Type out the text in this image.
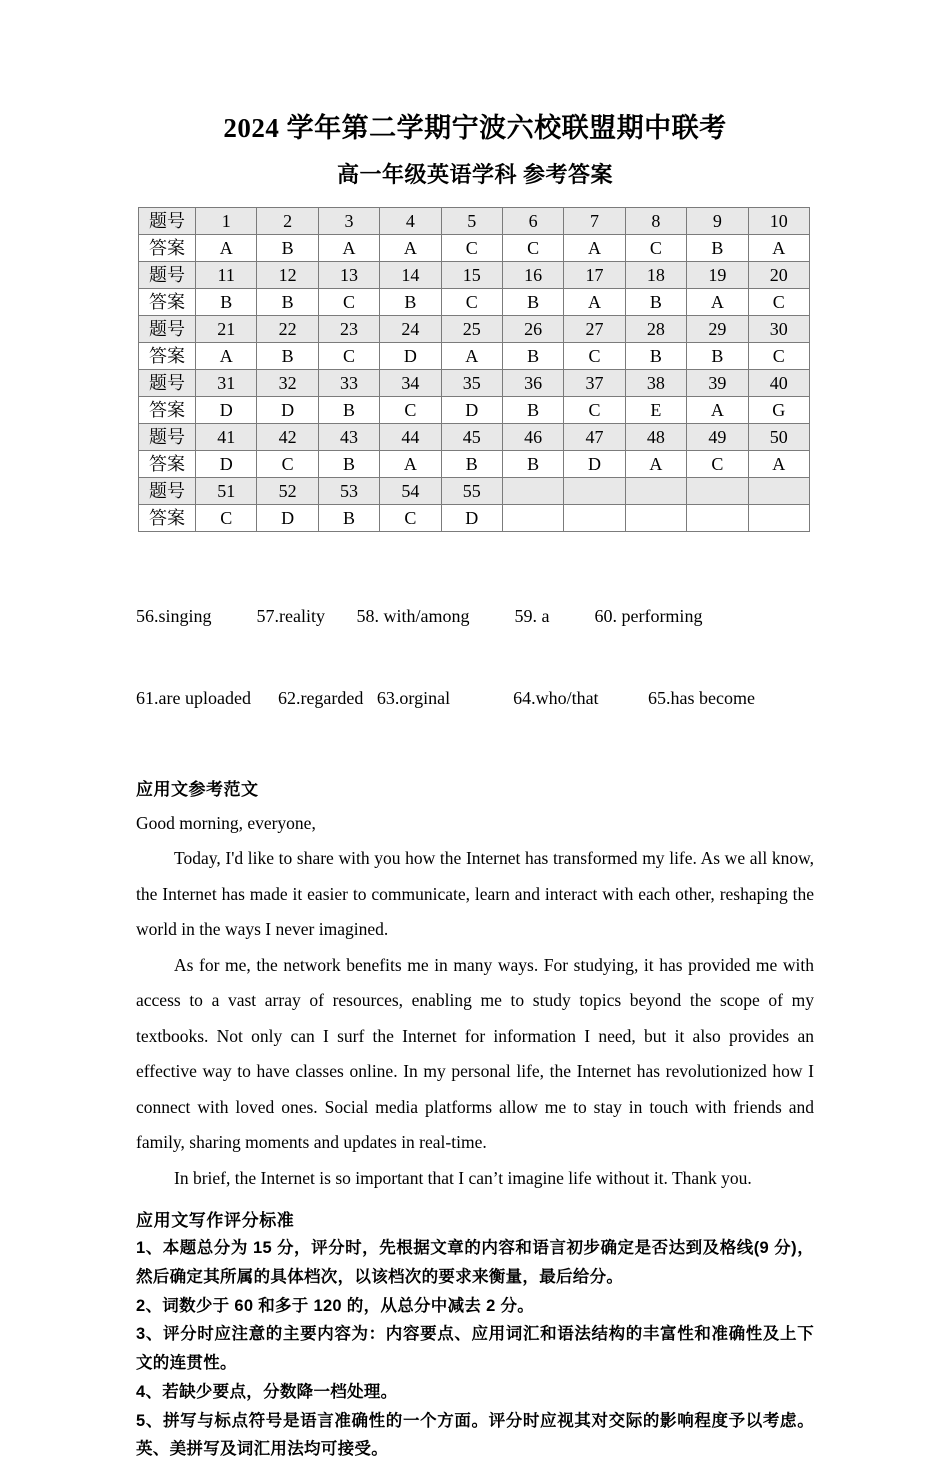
2024 学年第二学期宁波六校联盟期中联考
高一年级英语学科 参考答案
题号	1	2	3	4	5	6	7	8	9	10
答案	A	B	A	A	C	C	A	C	B	A
题号	11	12	13	14	15	16	17	18	19	20
答案	B	B	C	B	C	B	A	B	A	C
题号	21	22	23	24	25	26	27	28	29	30
答案	A	B	C	D	A	B	C	B	B	C
题号	31	32	33	34	35	36	37	38	39	40
答案	D	D	B	C	D	B	C	E	A	G
题号	41	42	43	44	45	46	47	48	49	50
答案	D	C	B	A	B	B	D	A	C	A
题号	51	52	53	54	55					
答案	C	D	B	C	D					

56.singing          57.reality       58. with/among          59. a          60. performing

61.are uploaded      62.regarded   63.orginal              64.who/that           65.has become

应用文参考范文

Good morning, everyone,

Today, I'd like to share with you how the Internet has transformed my life. As we all know, the Internet has made it easier to communicate, learn and interact with each other, reshaping the world in the ways I never imagined.

As for me, the network benefits me in many ways. For studying, it has provided me with access to a vast array of resources, enabling me to study topics beyond the scope of my textbooks. Not only can I surf the Internet for information I need, but it also provides an effective way to have classes online. In my personal life, the Internet has revolutionized how I connect with loved ones. Social media platforms allow me to stay in touch with friends and family, sharing moments and updates in real-time.

In brief, the Internet is so important that I can’t imagine life without it. Thank you.

应用文写作评分标准

1、本题总分为 15 分，评分时，先根据文章的内容和语言初步确定是否达到及格线(9 分)，然后确定其所属的具体档次，以该档次的要求来衡量，最后给分。

2、词数少于 60 和多于 120 的，从总分中减去 2 分。

3、评分时应注意的主要内容为：内容要点、应用词汇和语法结构的丰富性和准确性及上下文的连贯性。

4、若缺少要点，分数降一档处理。

5、拼写与标点符号是语言准确性的一个方面。评分时应视其对交际的影响程度予以考虑。英、美拼写及词汇用法均可接受。
